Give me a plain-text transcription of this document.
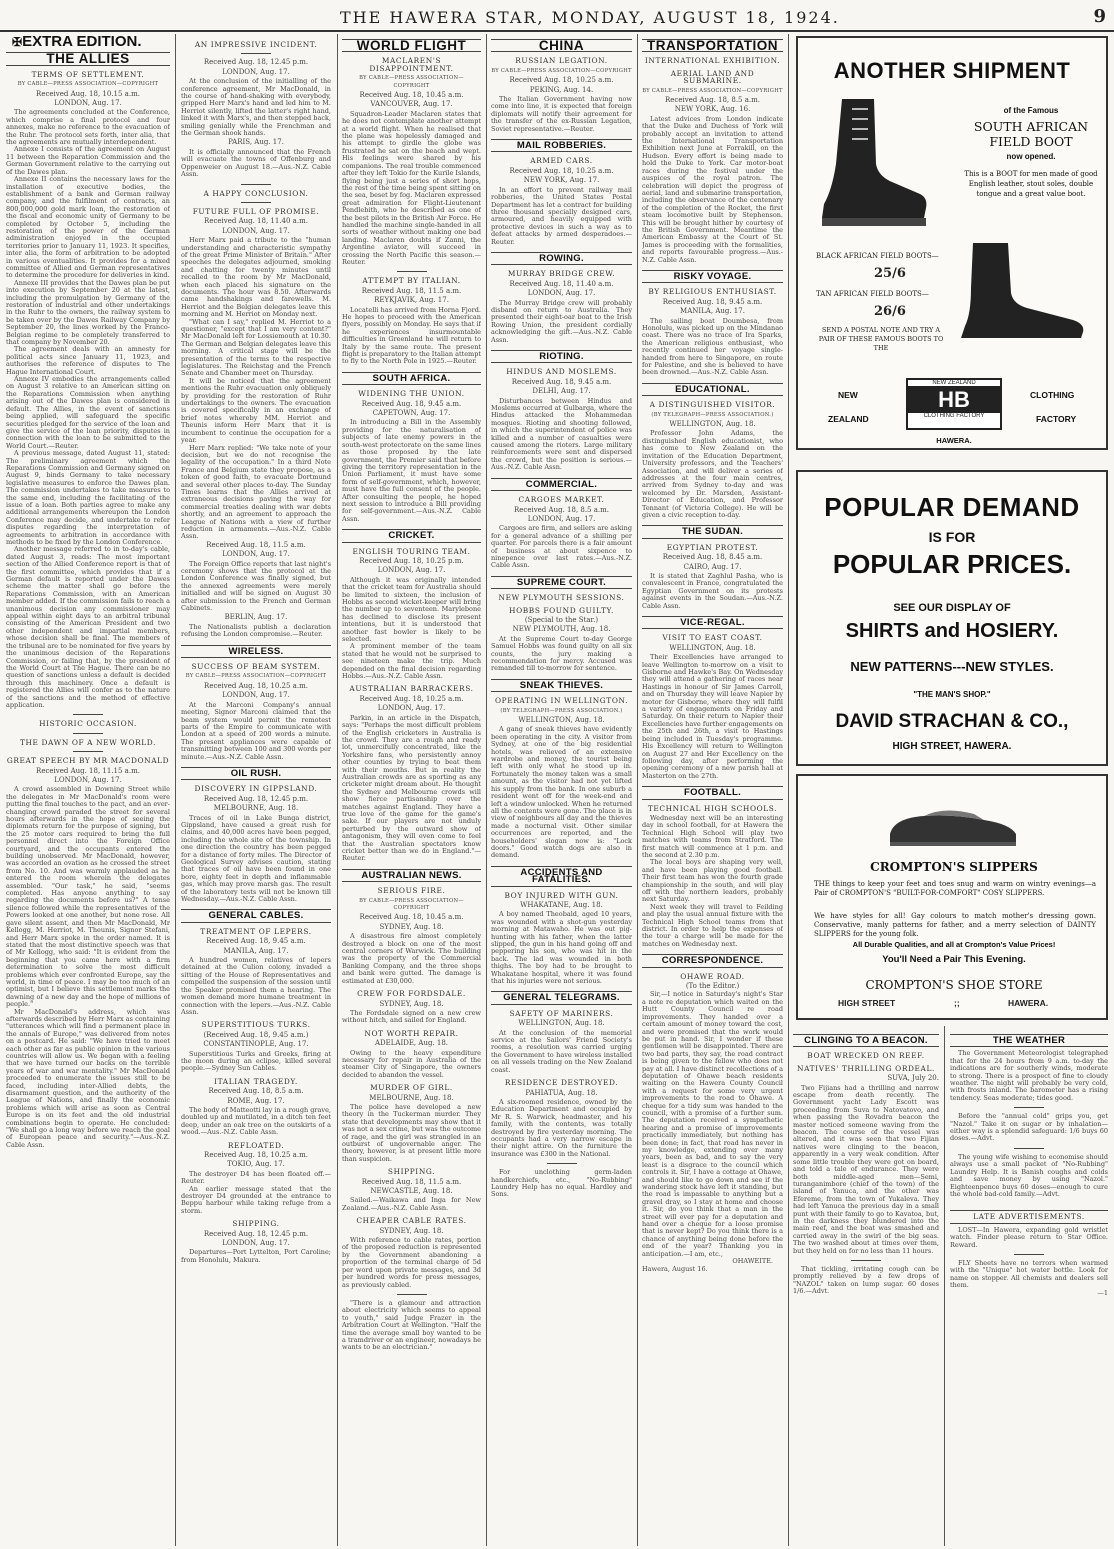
THE HAWERA STAR, MONDAY, AUGUST 18, 1924.	9
✠EXTRA EDITION.
THE ALLIES
TERMS OF SETTLEMENT.
BY CABLE—PRESS ASSOCIATION—COPYRIGHT
Received Aug. 18, 10.15 a.m.
LONDON, Aug. 17.

The agreements concluded at the Conference, which comprise a final protocol and four annexes, make no reference to the evacuation of the Ruhr. The protocol sets forth, inter alia, that the agreements are mutually interdependent.

Annexe I consists of the agreement on August 11 between the Reparation Commission and the German Government relative to the carrying out of the Dawes plan.

Annexe II contains the necessary laws for the installation of executive bodies, the establishment of a bank and German railway company, and the fulfilment of contracts, an 800,000,000 gold mark loan, the restoration of the fiscal and economic unity of Germany to be completed by October 5, including the restoration of the power of the German administration enjoyed in the occupied territories prior to January 11, 1923. It specifies, inter alia, the form of arbitration to be adopted in various eventualities. It provides for a mixed committee of Allied and German representatives to determine the procedure for deliveries in kind.

Annexe III provides that the Dawes plan be put into execution by September 20 at the latest, including the promulgation by Germany of the restoration of industrial and other undertakings in the Ruhr to the owners, the railway system to be taken over by the Dawes Railway Company by September 20, the lines worked by the Franco-Belgian regime to be completely transferred to that company by November 20.

The agreement deals with an amnesty for political acts since January 11, 1923, and authorises the reference of disputes to The Hague International Court.

Annexe IV embodies the arrangements called on August 3 relative to an American sitting on the Reparations Commission when anything arising out of the Dawes plan is considered in default. The Allies, in the event of sanctions being applied, will safeguard the specific securities pledged for the service of the loan and give the service of the loan priority, disputes in connection with the loan to be submitted to the World Court.—Reuter.

A previous message, dated August 11, stated: The preliminary agreement which the Reparations Commission and Germany signed on August 9, binds Germany to take necessary legislative measures to enforce the Dawes plan. The commission undertakes to take measures to the same end, including the facilitating of the issue of a loan. Both parties agree to make any additional arrangements whereupon the London Conference may decide, and undertake to refer disputes regarding the interpretation of agreements to arbitration in accordance with methods to be fixed by the London Conference.

Another message referred to in to-day's cable, dated August 3, reads: The most important section of the Allied Conference report is that of the first committee, which provides that if a German default is reported under the Dawes scheme the matter shall go before the Reparations Commission, with an American member added. If the commission fails to reach a unanimous decision any commissioner may appeal within eight days to an arbitral tribunal consisting of the American President and two other independent and impartial members, whose decision shall be final. The members of the tribunal are to be nominated for five years by the unanimous decision of the Reparations Commission, or failing that, by the president of the World Court at The Hague. There can be no question of sanctions unless a default is decided through this machinery. Once a default is registered the Allies will confer as to the nature of the sanctions and the method of effective application.

HISTORIC OCCASION.
THE DAWN OF A NEW WORLD.
GREAT SPEECH BY MR MACDONALD
Received Aug. 18, 11.15 a.m.
LONDON, Aug. 17.

A crowd assembled in Downing Street while the delegates in Mr MacDonald's room were putting the final touches to the pact, and an ever-changing crowd paraded the street for several hours afterwards in the hope of seeing the diplomats return for the purpose of signing, but the 25 motor cars required to bring the full personnel direct into the Foreign Office courtyard, and the occupants entered the building unobserved. Mr MacDonald, however, was accorded an ovation as he crossed the street from No. 10. And was warmly applauded as he entered the room wherein the delegates assembled. "Our task," he said, "seems completed. Has anyone anything to say regarding the documents before us?" A tense silence followed while the representatives of the Powers looked at one another, but none rose. All gave silent assent, and then Mr MacDonald, Mr Kellogg, M. Herriot, M. Theunis, Signor Stefani, and Herr Marx spoke in the order named. It is stated that the most distinctive speech was that of Mr Kellogg, who said: "It is evident from the beginning that you came here with a firm determination to solve the most difficult problems which ever confronted Europe, say the world, in time of peace. I may be too much of an optimist, but I believe this settlement marks the dawning of a new day and the hope of millions of people."

Mr MacDonald's address, which was afterwards described by Herr Marx as containing "utterances which will find a permanent place in the annals of Europe," was delivered from notes on a postcard. He said: "We have tried to meet each other as far as public opinion in the various countries will allow us. We began with a feeling that we have turned our backs on the terrible years of war and war mentality." Mr MacDonald proceeded to enumerate the issues still to be faced, including inter-Allied debts, the disarmament question, and the authority of the League of Nations, and finally the economic problems which will arise as soon as Central Europe is on its feet and the old industrial combinations begin to operate. He concluded: "We shall go a long way before we reach the goal of European peace and security."—Aus.-N.Z. Cable Assn.

AN IMPRESSIVE INCIDENT.
Received Aug. 18, 12.45 p.m.
LONDON, Aug. 17.

At the conclusion of the initialling of the conference agreement, Mr MacDonald, in the course of hand-shaking with everybody, gripped Herr Marx's hand and led him to M. Herriot silently, lifted the latter's right hand, linked it with Marx's, and then stepped back, smiling genially while the Frenchman and the German shook hands.

PARIS, Aug. 17.

It is officially announced that the French will evacuate the towns of Offenburg and Oppenweier on August 18.—Aus.-N.Z. Cable Assn.

A HAPPY CONCLUSION.
FUTURE FULL OF PROMISE.
Received Aug. 18, 11.40 a.m.
LONDON, Aug. 17.

Herr Marx paid a tribute to the "human understanding and characteristic sympathy of the great Prime Minister of Britain." After speeches the delegates adjourned, smoking and chatting for twenty minutes until recalled to the room by Mr MacDonald, when each placed his signature on the documents. The hour was 8.50. Afterwards came handshakings and farewells. M. Herriot and the Belgian delegates leave this morning and M. Herriot on Monday next.

"What can I say," replied M. Herriot to a questioner, "except that I am very content?" Mr MacDonald left for Lossiemouth at 10.30. The German and Belgian delegates leave this morning. A critical stage will be the presentation of the terms to the respective legislatures. The Reichstag and the French Senate and Chamber meet on Thursday.

It will be noticed that the agreement mentions the Ruhr evacuation only obliquely by providing for the restoration of Ruhr undertakings to the owners. The evacuation is covered specifically in an exchange of brief notes whereby MM. Herriot and Theunis inform Herr Marx that it is incumbent to continue the occupation for a year.

Herr Marx replied: "We take note of your decision, but we do not recognise the legality of the occupation." In a third Note France and Belgium state they propose, as a token of good faith, to evacuate Dortmund and several other places to-day. The Sunday Times learns that the Allies arrived at extraneous decisions paving the way for commercial treaties dealing with war debts shortly, and an agreement to approach the League of Nations with a view of further reduction in armaments.—Aus.-N.Z. Cable Assn.

Received Aug. 18, 11.5 a.m.
LONDON, Aug. 17.

The Foreign Office reports that last night's ceremony shows that the protocol at the London Conference was finally signed, but the annexed agreements were merely initialled and will be signed on August 30 after submission to the French and German Cabinets.

BERLIN, Aug. 17.

The Nationalists publish a declaration refusing the London compromise.—Reuter.

WIRELESS.
SUCCESS OF BEAM SYSTEM.
BY CABLE—PRESS ASSOCIATION—COPYRIGHT
Received Aug. 18, 10.25 a.m.
LONDON, Aug. 17.

At the Marconi Company's annual meeting, Signor Marconi claimed that the beam system would permit the remotest parts of the Empire to communicate with London at a speed of 200 words a minute. The present appliances were capable of transmitting between 100 and 300 words per minute.—Aus.-N.Z. Cable Assn.

OIL RUSH.
DISCOVERY IN GIPPSLAND.
Received Aug. 18, 12.45 p.m.
MELBOURNE, Aug. 18.

Traces of oil in Lake Bunga district, Gippsland, have caused a great rush for claims, and 40,000 acres have been pegged, including the whole site of the township. In one direction the country has been pegged for a distance of forty miles. The Director of Geological Survey advises caution, stating that traces of oil have been found in one bore, eighty feet in depth and inflammable gas, which may prove marsh gas. The result of the laboratory tests will not be known till Wednesday.—Aus.-N.Z. Cable Assn.

GENERAL CABLES.
TREATMENT OF LEPERS.
Received Aug. 18, 9.45 a.m.
MANILA, Aug. 17.

A hundred women, relatives of lepers detained at the Culion colony, invaded a sitting of the House of Representatives and compelled the suspension of the session until the Speaker promised them a hearing. The women demand more humane treatment in connection with the lepers.—Aus.-N.Z. Cable Assn.

SUPERSTITIOUS TURKS.
(Received Aug. 18, 9.45 a.m.)
CONSTANTINOPLE, Aug. 17.

Superstitious Turks and Greeks, firing at the moon during an eclipse, killed several people.—Sydney Sun Cables.

ITALIAN TRAGEDY.
Received Aug. 18, 8.5 a.m.
ROME, Aug. 17.

The body of Matteotti lay in a rough grave, doubled up and mutilated, in a ditch ten feet deep, under an oak tree on the outskirts of a wood.—Aus.-N.Z. Cable Assn.

REFLOATED.
Received Aug. 18, 10.25 a.m.
TOKIO, Aug. 17.

The destroyer D4 has been floated off.—Reuter.

An earlier message stated that the destroyer D4 grounded at the entrance to Beppu harbour while taking refuge from a storm.

SHIPPING.
Received Aug. 18, 12.45 p.m.
LONDON, Aug. 17.

Departures—Port Lyttelton, Port Caroline; from Honolulu, Makura.

WORLD FLIGHT
MACLAREN'S DISAPPOINTMENT.
BY CABLE—PRESS ASSOCIATION—COPYRIGHT
Received Aug. 18, 10.45 a.m.
VANCOUVER, Aug. 17.

Squadron-Leader Maclaren states that he does not contemplate another attempt at a world flight. When he realised that the plane was hopelessly damaged and his attempt to girdle the globe was frustrated he sat on the beach and wept. His feelings were shared by his companions. The real trouble commenced after they left Tokio for the Kurile Islands, flying being just a series of short hops, the rest of the time being spent sitting on the sea, beset by fog. Maclaren expressed great admiration for Flight-Lieutenant Pendlebith, who he described as one of the best pilots in the British Air Force. He handled the machine single-handed in all sorts of weather without making one bad landing. Maclaren doubts if Zanni, the Argentine aviator, will succeed in crossing the North Pacific this season.—Reuter.

ATTEMPT BY ITALIAN.
Received Aug. 18, 11.5 a.m.
REYKJAVIK, Aug. 17.

Locatelli has arrived from Horna Fjord. He hopes to proceed with the American flyers, possibly on Monday. He says that if he experiences insurmountable difficulties in Greenland he will return to Italy by the same route. The present flight is preparatory to the Italian attempt to fly to the North Pole in 1925.—Reuter.

SOUTH AFRICA.
WIDENING THE UNION.
Received Aug. 18, 9.45 a.m.
CAPETOWN, Aug. 17.

In introducing a Bill in the Assembly providing for the naturalisation of subjects of late enemy powers in the south-west protectorate on the same lines as those proposed by the late government, the Premier said that before giving the territory representation in the Union Parliament, it must have some form of self-government, which, however, must have the full consent of the people. After consulting the people, he hoped next session to introduce a Bill providing for self-government.—Aus.-N.Z. Cable Assn.

CRICKET.
ENGLISH TOURING TEAM.
Received Aug. 18, 10.25 p.m.
LONDON, Aug. 17.

Although it was originally intended that the cricket team for Australia should be limited to sixteen, the inclusion of Hobbs as second wicket-keeper will bring the number up to seventeen. Marylebone has declined to disclose its present intentions, but it is understood that another fast bowler is likely to be selected.

A prominent member of the team stated that he would not be surprised to see nineteen make the trip. Much depended on the final decision regarding Hobbs.—Aus.-N.Z. Cable Assn.

AUSTRALIAN BARRACKERS.
Received Aug. 18, 10.25 a.m.
LONDON, Aug. 17.

Parkin, in an article in the Dispatch, says: "Perhaps the most difficult problem of the English cricketers in Australia is the crowd. They are a rough and ready lot, unmercifully concentrated, like the Yorkshire fans, who persistently annoy other counties by trying to beat them with their mouths. But in reality the Australian crowds are as sporting as any cricketer might dream about. He thought the Sydney and Melbourne crowds will show fierce partisanship over the matches against England. They have a true love of the game for the game's sake. If our players are not unduly perturbed by the outward show of antagonism, they will even come to feel that the Australian spectators know cricket better than we do in England."—Reuter.

AUSTRALIAN NEWS.
SERIOUS FIRE.
BY CABLE—PRESS ASSOCIATION—COPYRIGHT
Received Aug. 18, 10.45 a.m.
SYDNEY, Aug. 18.

A disastrous fire almost completely destroyed a block on one of the most central corners of Warwick. The building was the property of the Commercial Banking Company, and the three shops and bank were gutted. The damage is estimated at £30,000.

CREW FOR FORDSDALE.
SYDNEY, Aug. 18.

The Fordsdale signed on a new crew without hitch, and sailed for England.

NOT WORTH REPAIR.
ADELAIDE, Aug. 18.

Owing to the heavy expenditure necessary for repair in Australia of the steamer City of Singapore, the owners decided to abandon the vessel.

MURDER OF GIRL.
MELBOURNE, Aug. 18.

The police have developed a new theory in the Tuckerman murder. They state that developments may show that it was not a sex crime, but was the outcome of rage, and the girl was strangled in an outburst of ungovernable anger. The theory, however, is at present little more than suspicion.

SHIPPING.
Received Aug. 18, 11.5 a.m.
NEWCASTLE, Aug. 18.

Sailed.—Waikawa and Inga for New Zealand.—Aus.-N.Z. Cable Assn.

CHEAPER CABLE RATES.
SYDNEY, Aug. 18.

With reference to cable rates, portion of the proposed reduction is represented by the Government abandoning a proportion of the terminal charge of 5d per word upon private messages, and 3d per hundred words for press messages, as previously cabled.

"There is a glamour and attraction about electricity which seems to appeal to youth," said Judge Frazer in the Arbitration Court at Wellington. "Half the time the average small boy wanted to be a tramdriver or an engineer, nowadays he wants to be an electrician."

CHINA
RUSSIAN LEGATION.
BY CABLE—PRESS ASSOCIATION—COPYRIGHT
Received Aug. 18, 10.25 a.m.
PEKING, Aug. 14.

The Italian Government having now come into line, it is expected that foreign diplomats will notify their agreement for the transfer of the ex-Russian Legation, Soviet representative.—Reuter.

MAIL ROBBERIES.
ARMED CARS.
Received Aug. 18, 10.25 a.m.
NEW YORK, Aug. 17.

In an effort to prevent railway mail robberies, the United States Postal Department has let a contract for building three thousand specially designed cars, armoured, and heavily equipped with protective devices in such a way as to defeat attacks by armed desperadoes.—Reuter.

ROWING.
MURRAY BRIDGE CREW.
Received Aug. 18, 11.40 a.m.
LONDON, Aug. 17.

The Murray Bridge crew will probably disband on return to Australia. They presented their eight-oar boat to the Irish Rowing Union, the president cordially acknowledging the gift.—Aus.-N.Z. Cable Assn.

RIOTING.
HINDUS AND MOSLEMS.
Received Aug. 18, 9.45 a.m.
DELHI, Aug. 17.

Disturbances between Hindus and Moslems occurred at Gulbarga, where the Hindus attacked the Mohammedan mosques. Rioting and shooting followed, in which the superintendent of police was killed and a number of casualties were caused among the rioters. Large military reinforcements were sent and dispersed the crowd, but the position is serious.—Aus.-N.Z. Cable Assn.

COMMERCIAL.
CARGOES MARKET.
Received Aug. 18, 8.5 a.m.
LONDON, Aug. 17.

Cargoes are firm, and sellers are asking for a general advance of a shilling per quarter. For parcels there is a fair amount of business at about sixpence to ninepence over last rates.—Aus.-N.Z. Cable Assn.

SUPREME COURT.
NEW PLYMOUTH SESSIONS.
HOBBS FOUND GUILTY.
(Special to the Star.)
NEW PLYMOUTH, Aug. 18.

At the Supreme Court to-day George Samuel Hobbs was found guilty on all six counts, the jury making a recommendation for mercy. Accused was remanded till to-morrow for sentence.

SNEAK THIEVES.
OPERATING IN WELLINGTON.
(BY TELEGRAPH—PRESS ASSOCIATION.)
WELLINGTON, Aug. 18.

A gang of sneak thieves have evidently been operating in the city. A visitor from Sydney, at one of the big residential hotels, was relieved of an extensive wardrobe and money, the tourist being left with only what he stood up in. Fortunately the money taken was a small amount, as the visitor had not yet lifted his supply from the bank. In one suburb a resident went off for the week-end and left a window unlocked. When he returned all the contents were gone. The place is in view of neighbours all day and the thieves made a nocturnal visit. Other similar occurrences are reported, and the householders' slogan now is: "Lock doors." Good watch dogs are also in demand.

ACCIDENTS AND FATALITIES.
BOY INJURED WITH GUN.
WHAKATANE, Aug. 18.

A boy named Theobald, aged 10 years, was wounded with a shot-gun yesterday morning at Matawaho. He was out pig-hunting with his father, when the latter slipped, the gun in his hand going off and peppering his son, who was hit in the back. The lad was wounded in both thighs. The boy had to be brought to Whakatane hospital, where it was found that his injuries were not serious.

GENERAL TELEGRAMS.
SAFETY OF MARINERS.
WELLINGTON, Aug. 18.

At the conclusion of the memorial service at the Sailors' Friend Society's rooms, a resolution was carried urging the Government to have wireless installed on all vessels trading on the New Zealand coast.

RESIDENCE DESTROYED.
PAHIATUA, Aug. 18.

A six-roomed residence, owned by the Education Department and occupied by Mr R. S. Warwick, headmaster, and his family, with the contents, was totally destroyed by fire yesterday morning. The occupants had a very narrow escape in their night attire. On the furniture the insurance was £300 in the National.

For unclothing germ-laden handkerchiefs, etc., "No-Rubbing" Laundry Help has no equal. Hardley and Sons.

TRANSPORTATION
INTERNATIONAL EXHIBITION.
AERIAL LAND AND SUBMARINE.
BY CABLE—PRESS ASSOCIATION—COPYRIGHT
Received Aug. 18, 8.5 a.m.
NEW YORK, Aug. 16.

Latest advices from London indicate that the Duke and Duchess of York will probably accept an invitation to attend the International Transportation Exhibition next June at Forrakill, on the Hudson. Every effort is being made to hold the Duke to York. Car motor-boat races during the festival under the auspices of the royal patron. The celebration will depict the progress of aerial, land and submarine transportation, including the observance of the centenary of the completion of the Rocket, the first steam locomotive built by Stephenson. This will be brought hither by courtesy of the British Government. Meantime the American Embassy at the Court of St. James is proceeding with the formalities, and reports favourable progress.—Aus.-N.Z. Cable Assn.

RISKY VOYAGE.
BY RELIGIOUS ENTHUSIAST.
Received Aug. 18, 9.45 a.m.
MANILA, Aug. 17.

The sailing boat Doumbesa, from Honolulu, was picked up on the Mindanao coast. There was no trace of Ira Sparks, the American religious enthusiast, who recently continued her voyage single-handed from here to Singapore, en route for Palestine, and she is believed to have been drowned.—Aus.-N.Z. Cable Assn.

EDUCATIONAL.
A DISTINGUISHED VISITOR.
(BY TELEGRAPH—PRESS ASSOCIATION.)
WELLINGTON, Aug. 18.

Professor John Adams, the distinguished English educationist, who has come to New Zealand on the invitation of the Education Department, University professors, and the Teachers' Association, and will deliver a series of addresses at the four main centres, arrived from Sydney to-day and was welcomed by Dr. Marsden, Assistant-Director of Education, and Professor Tennant (of Victoria College). He will be given a civic reception to-day.

THE SUDAN.
EGYPTIAN PROTEST.
Received Aug. 18, 8.45 a.m.
CAIRO, Aug. 17.

It is stated that Zaghlul Pasha, who is convalescent in France, congratulated the Egyptian Government on its protests against events in the Soudan.—Aus.-N.Z. Cable Assn.

VICE-REGAL.
VISIT TO EAST COAST.
WELLINGTON, Aug. 18.

Their Excellencies have arranged to leave Wellington to-morrow on a visit to Gisborne and Hawke's Bay. On Wednesday they will attend a gathering of races near Hastings in honour of Sir James Carroll, and on Thursday they will leave Napier by motor for Gisborne, where they will fulfil a variety of engagements on Friday and Saturday. On their return to Napier their Excellencies have further engagements on the 25th and 26th, a visit to Hastings being included in Tuesday's programme. His Excellency will return to Wellington on August 27 and Her Excellency on the following day, after performing the opening ceremony of a new parish hall at Masterton on the 27th.

FOOTBALL.
TECHNICAL HIGH SCHOOLS.

Wednesday next will be an interesting day in school football, for at Hawera the Technical High School will play two matches with teams from Stratford. The first match will commence at 1 p.m. and the second at 2.30 p.m.

The local boys are shaping very well, and have been playing good football. Their first team has won the fourth grade championship in the south, and will play off with the northern leaders, probably next Saturday.

Next week they will travel to Feilding and play the usual annual fixture with the Technical High School teams from that district. In order to help the expenses of the tour a charge will be made for the matches on Wednesday next.

CORRESPONDENCE.
OHAWE ROAD.
(To the Editor.)

Sir,—I notice in Saturday's night's Star a note re deputation which waited on the Hutt County Council re road improvements. They handed over a certain amount of money toward the cost, and were promised that the work would be put in hand. Sir, I wonder if these gentlemen will be disappointed. There are two bad parts, they say, the road contract is being given to the fellow who does not pay at all. I have distinct recollections of a deputation of Ohawe beach residents waiting on the Hawera County Council with a request for some very urgent improvements to the road to Ohawe. A cheque for a tidy sum was handed to the council, with a promise of a further sum. The deputation received a sympathetic hearing and a promise of improvements practically immediately, but nothing has been done; in fact, that road has never in my knowledge, extending over many years, been as bad, and to say the very least is a disgrace to the council which controls it. Sir, I have a cottage at Ohawe, and should like to go down and see if the wandering stock have left it standing, but the road is impassable to anything but a gravel dray, so I stay at home and choose it. Sir, do you think that a man in the street will ever pay for a deputation and hand over a cheque for a loose promise that is never kept? Do you think there is a chance of anything being done before the end of the year? Thanking you in anticipation.—I am, etc.,

OHAWEITE.
Hawera, August 16.
ANOTHER SHIPMENT
of the Famous
SOUTH AFRICAN
FIELD BOOT
now opened.
This is a BOOT for men made of good English leather, stout soles, double tongue and a great value boot.
BLACK AFRICAN FIELD BOOTS—
25/6
TAN AFRICAN FIELD BOOTS—
26/6
SEND A POSTAL NOTE AND TRY A PAIR OF THESE FAMOUS BOOTS TO THE
NEW
ZEALAND
CLOTHING
FACTORY
NEW ZEALAND
HB
CLOTHING FACTORY
HAWERA.
POPULAR DEMAND
IS FOR
POPULAR PRICES.
SEE OUR DISPLAY OF
SHIRTS and HOSIERY.
NEW PATTERNS---NEW STYLES.
"THE MAN'S SHOP."
DAVID STRACHAN & CO.,
HIGH STREET, HAWERA.
CROMPTON'S SLIPPERS
THE things to keep your feet and toes snug and warm on wintry evenings—a Pair of CROMPTON'S "BUILT-FOR-COMFORT" COSY SLIPPERS.
We have styles for all! Gay colours to match mother's dressing gown. Conservative, manly patterns for father, and a merry selection of DAINTY SLIPPERS for the young folk.
All Durable Qualities, and all at Crompton's Value Prices!
You'll Need a Pair This Evening.
CROMPTON'S SHOE STORE
HIGH STREET	;;	HAWERA.
CLINGING TO A BEACON.
BOAT WRECKED ON REEF.
NATIVES' THRILLING ORDEAL.
SUVA, July 20.

Two Fijians had a thrilling and narrow escape from death recently. The Government yacht Lady Escott was proceeding from Suva to Natovatovo, and when passing the Rovadra beacon the master noticed someone waving from the beacon. The course of the vessel was altered, and it was seen that two Fijian natives were clinging to the beacon, apparently in a very weak condition. After some little trouble they were got on board, and told a tale of endurance. They were both middle-aged men—Semi, turanganimbore (chief of the town) of the island of Yanuca, and the other was Efereme, from the town of Yukaleva. They had left Yanuca the previous day in a small punt with their family to go to Kavatoa, but, in the darkness they blundered into the main reef, and the boat was smashed and carried away in the swirl of the big seas. The two washed about at times over them, but they held on for no less than 11 hours.

That tickling, irritating cough can be promptly relieved by a few drops of "NAZOL" taken on lump sugar. 60 doses 1/6.—Advt.

THE WEATHER

The Government Meteorologist telegraphed that for the 24 hours from 9 a.m. to-day the indications are for southerly winds, moderate to strong. There is a prospect of fine to cloudy weather. The night will probably be very cold, with frosts inland. The barometer has a rising tendency. Seas moderate; tides good.

Before the "annual cold" grips you, get "Nazol." Take it on sugar or by inhalation—either way is a splendid safeguard: 1/6 buys 60 doses.—Advt.

The young wife wishing to economise should always use a small packet of "No-Rubbing" Laundry Help. It is Banish coughs and colds and save money by using "Nazol." Eighteenpence buys 60 doses—enough to cure the whole bad-cold family.—Advt.

LATE ADVERTISEMENTS.

LOST—In Hawera, expanding gold wristlet watch. Finder please return to Star Office. Reward.

FLY Sheets have no terrors when warmed with the "Unique" hot water bottle. Look for name on stopper. All chemists and dealers sell them.

—1
